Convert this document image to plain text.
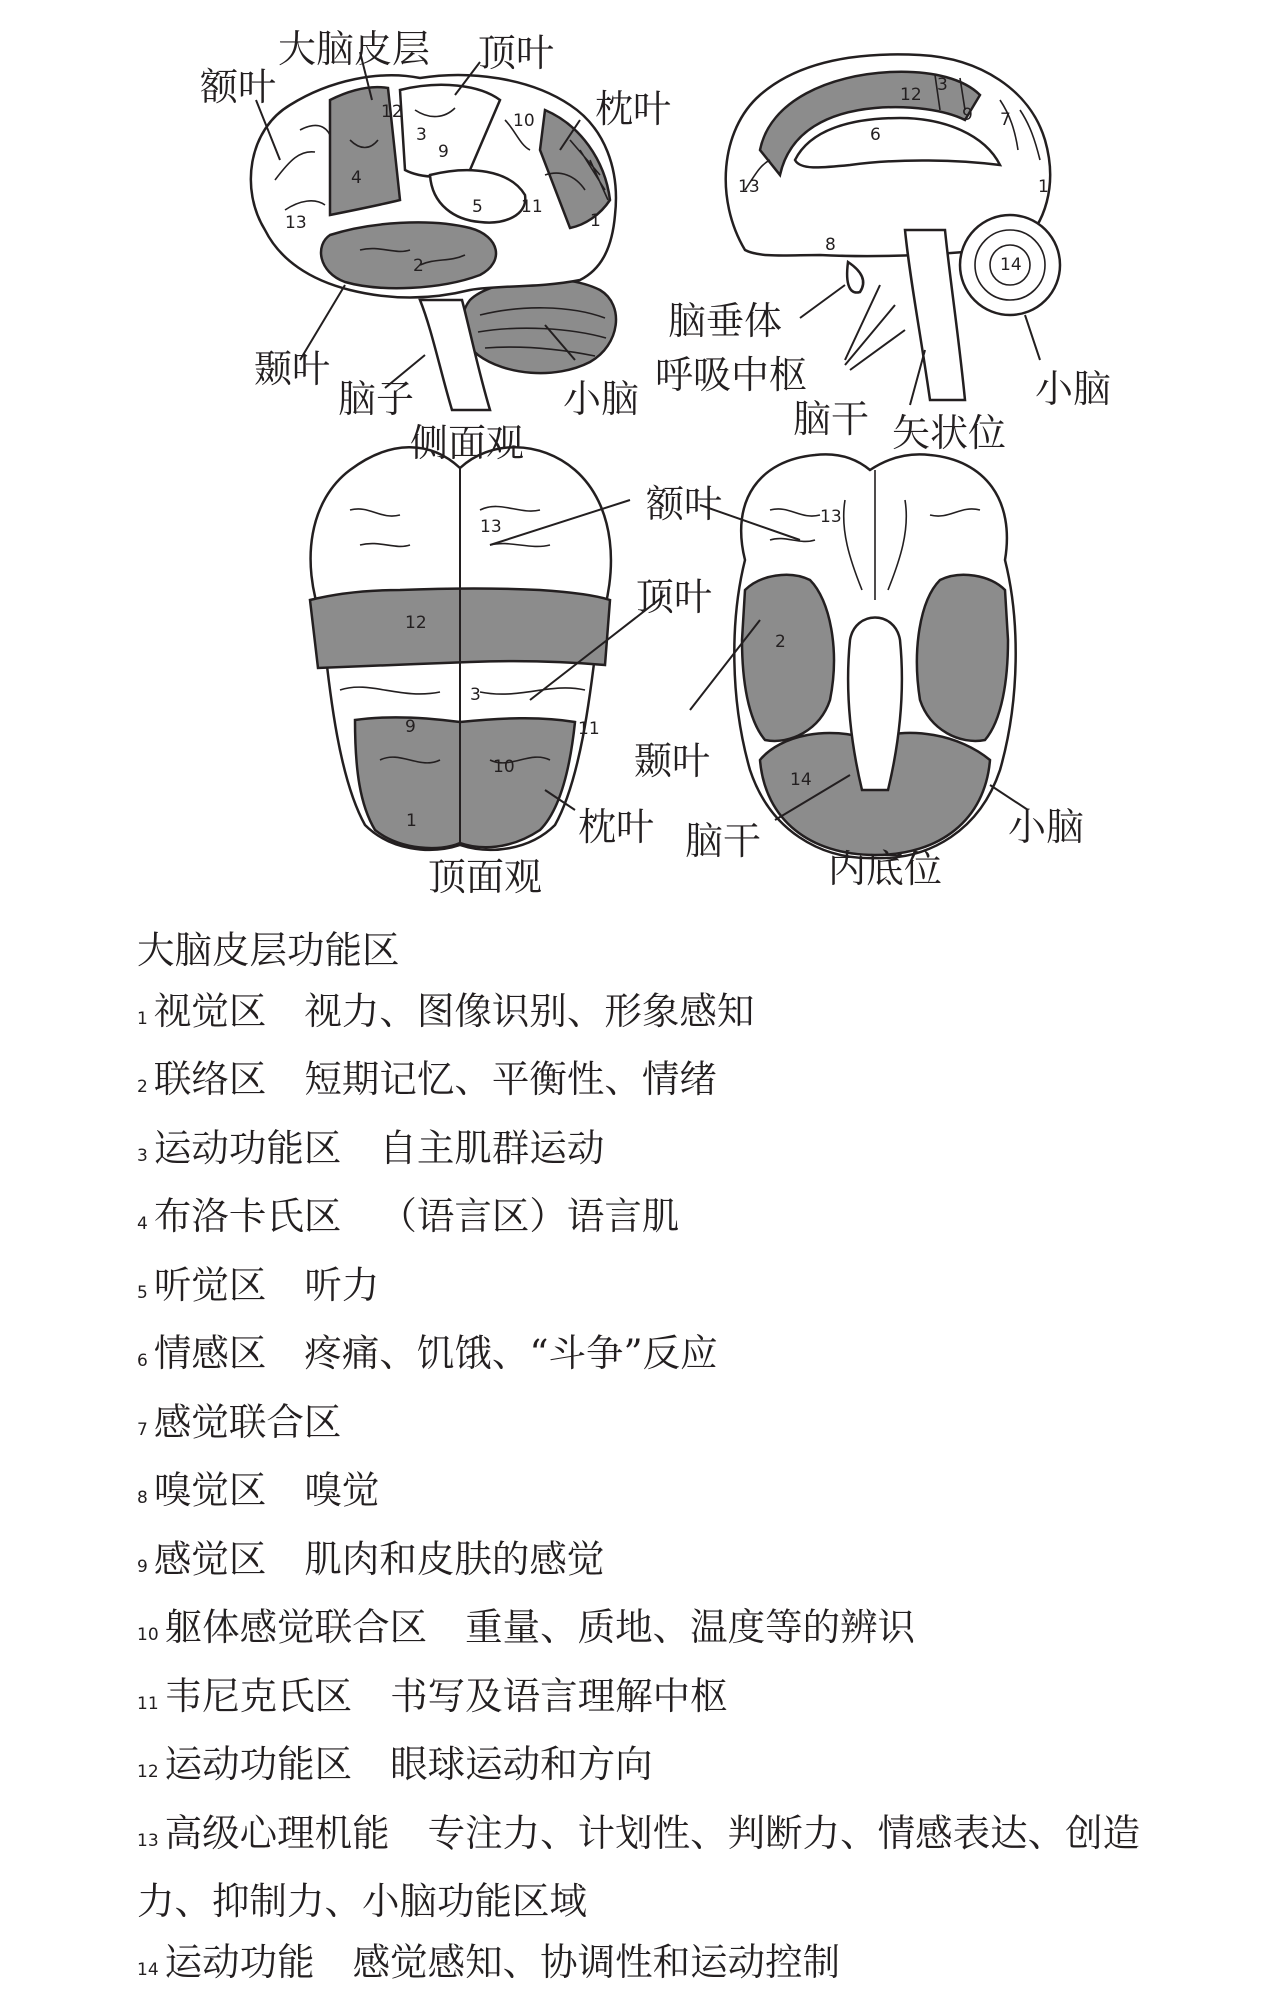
12
3
9
10
4
13
5 11
1
2
12 3
9 7
6
13	1
8
14
13
12
3
9	11
10
1
13
2
14
大脑皮层 顶叶
额叶	枕叶
颞叶
脑子	小脑
侧面观
脑垂体
呼吸中枢
脑干
小脑
矢状位
额叶
顶叶
枕叶
顶面观
颞叶
脑干	小脑
内底位
大脑皮层功能区
1 视觉区 视力、图像识别、形象感知
2 联络区 短期记忆、平衡性、情绪
3 运动功能区 自主肌群运动
4 布洛卡氏区 （语言区）语言肌
5 听觉区 听力
6 情感区 疼痛、饥饿、“斗争”反应
7 感觉联合区
8 嗅觉区 嗅觉
9 感觉区 肌肉和皮肤的感觉
10 躯体感觉联合区 重量、质地、温度等的辨识
11 韦尼克氏区 书写及语言理解中枢
12 运动功能区 眼球运动和方向
13 高级心理机能 专注力、计划性、判断力、情感表达、创造力、抑制力、小脑功能区域
14 运动功能 感觉感知、协调性和运动控制
